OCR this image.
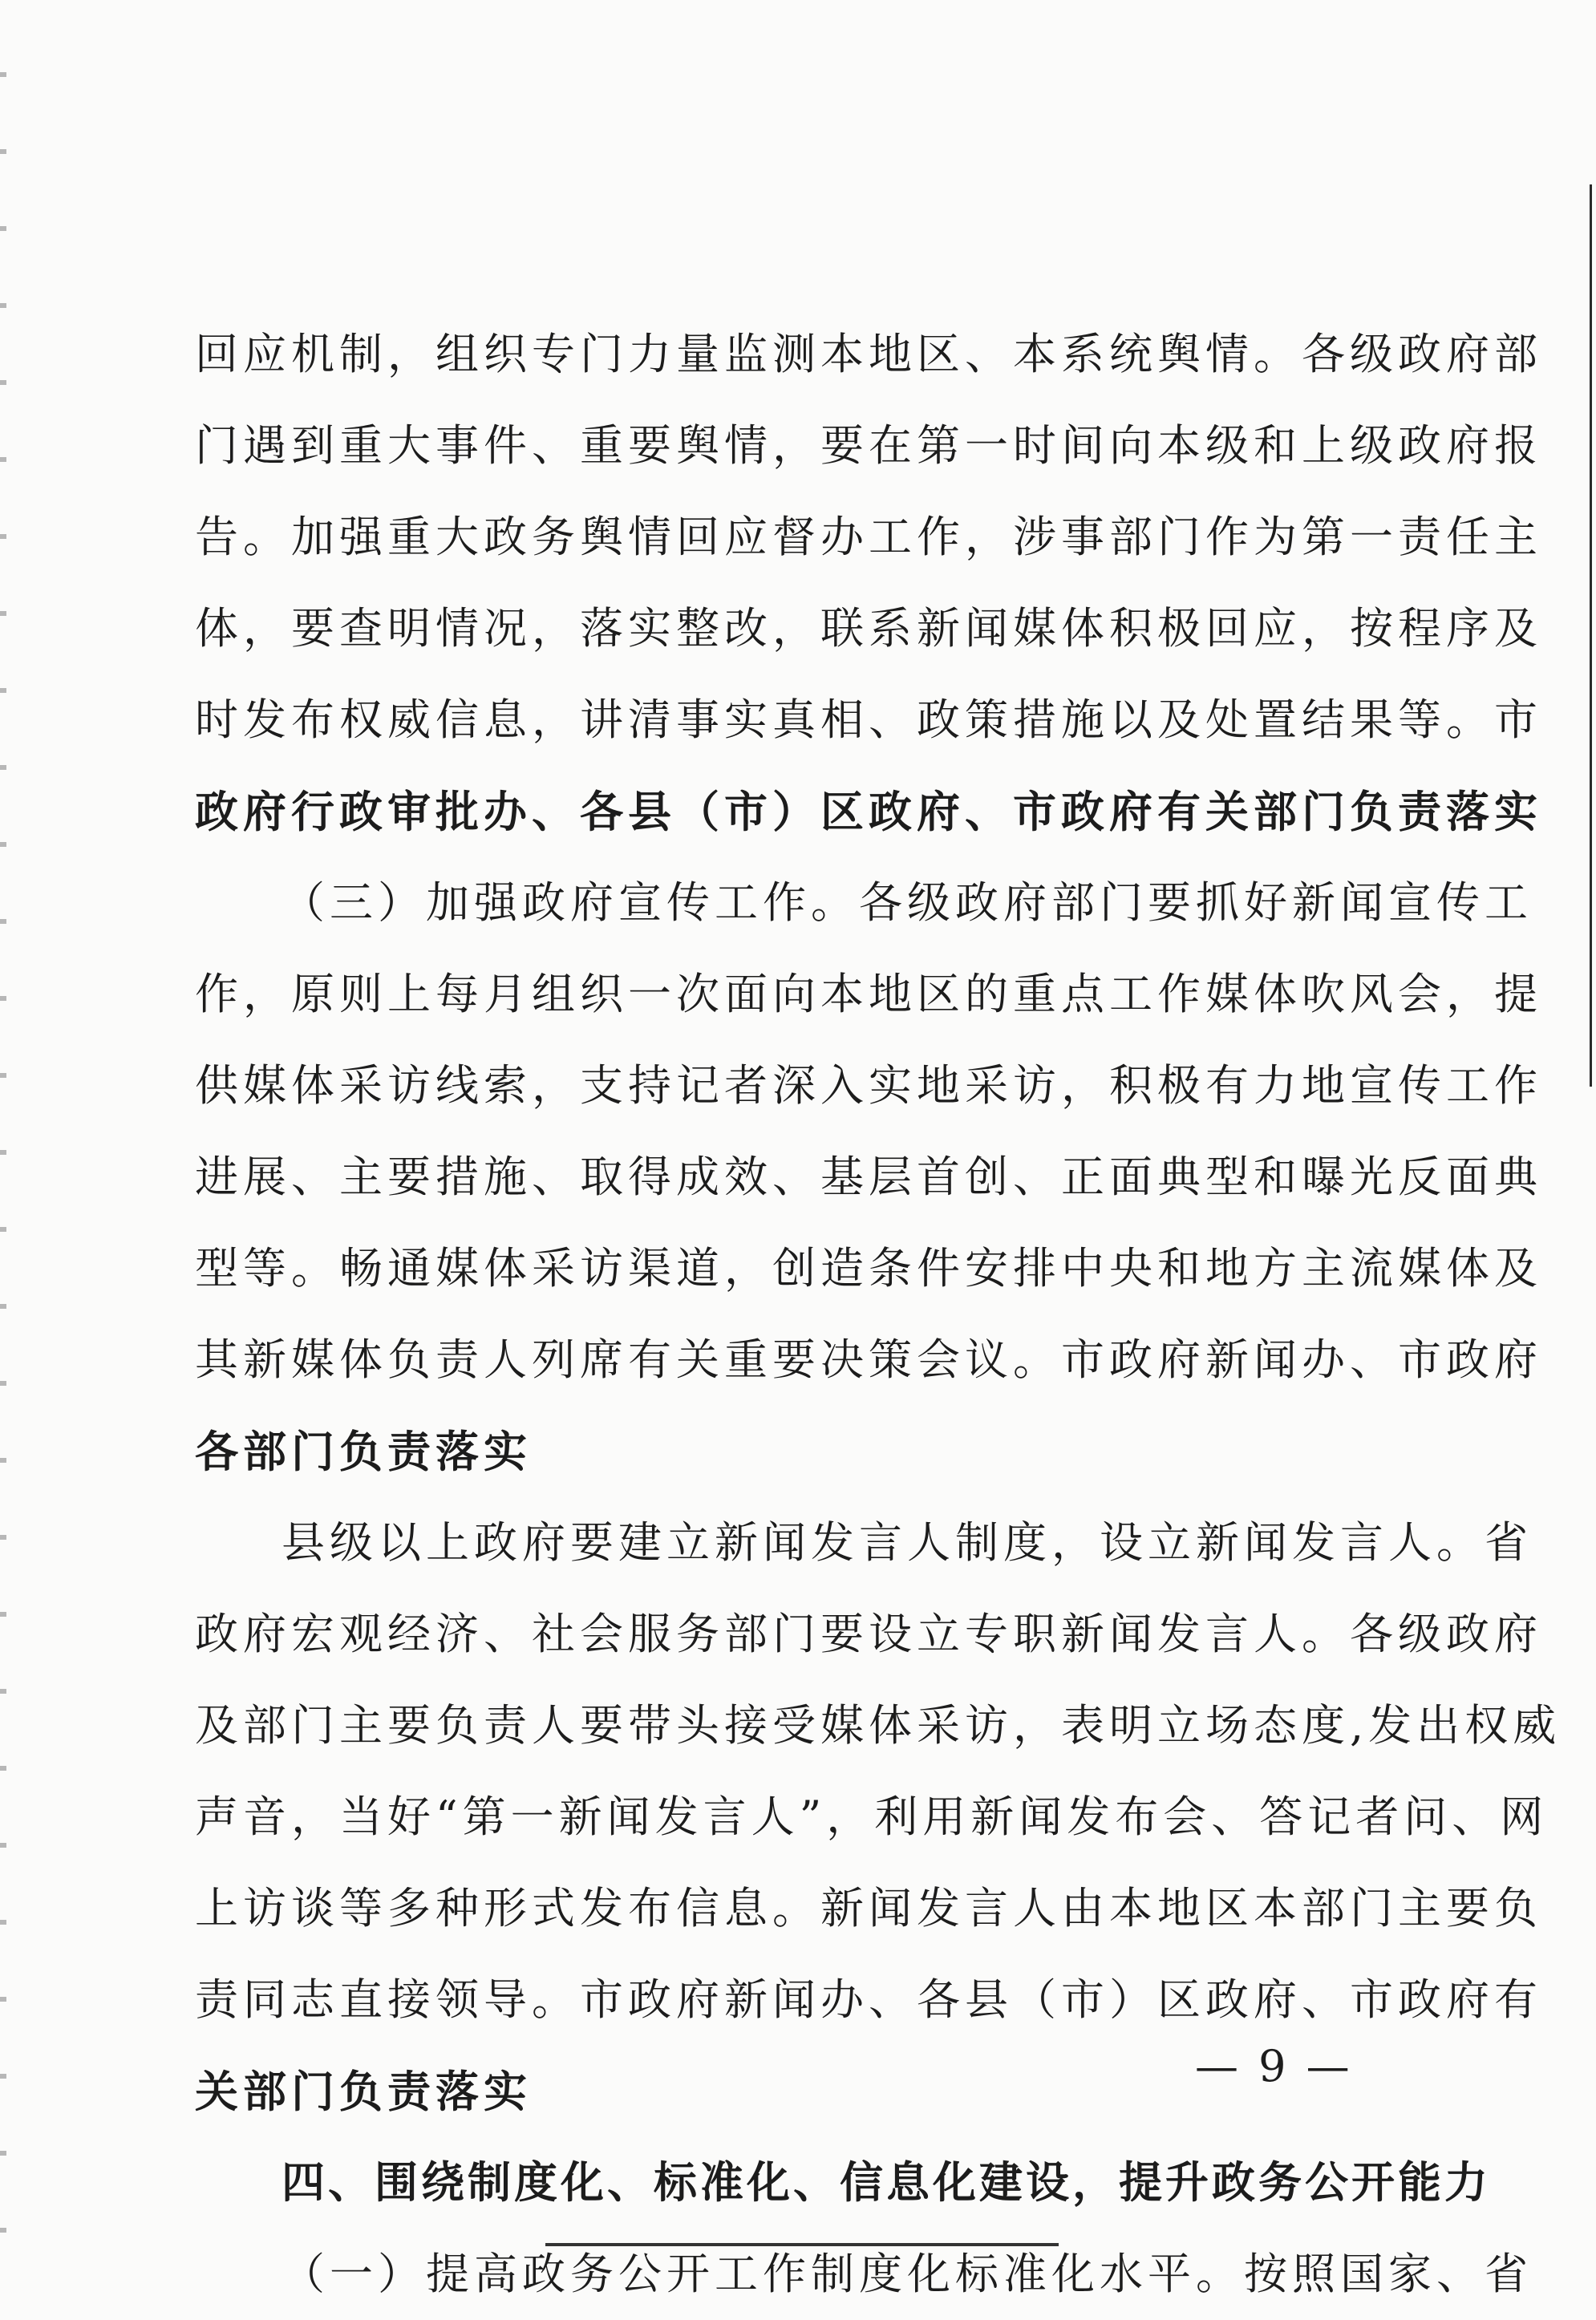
回应机制，组织专门力量监测本地区、本系统舆情。各级政府部
门遇到重大事件、重要舆情，要在第一时间向本级和上级政府报
告。加强重大政务舆情回应督办工作，涉事部门作为第一责任主
体，要查明情况，落实整改，联系新闻媒体积极回应，按程序及
时发布权威信息，讲清事实真相、政策措施以及处置结果等。市
政府行政审批办、各县（市）区政府、市政府有关部门负责落实
（三）加强政府宣传工作。各级政府部门要抓好新闻宣传工
作，原则上每月组织一次面向本地区的重点工作媒体吹风会，提
供媒体采访线索，支持记者深入实地采访，积极有力地宣传工作
进展、主要措施、取得成效、基层首创、正面典型和曝光反面典
型等。畅通媒体采访渠道，创造条件安排中央和地方主流媒体及
其新媒体负责人列席有关重要决策会议。市政府新闻办、市政府
各部门负责落实
县级以上政府要建立新闻发言人制度，设立新闻发言人。省
政府宏观经济、社会服务部门要设立专职新闻发言人。各级政府
及部门主要负责人要带头接受媒体采访，表明立场态度,发出权威
声音，当好“第一新闻发言人”，利用新闻发布会、答记者问、网
上访谈等多种形式发布信息。新闻发言人由本地区本部门主要负
责同志直接领导。市政府新闻办、各县（市）区政府、市政府有
关部门负责落实
四、围绕制度化、标准化、信息化建设，提升政务公开能力
（一）提高政务公开工作制度化标准化水平。按照国家、省
— 9 —
